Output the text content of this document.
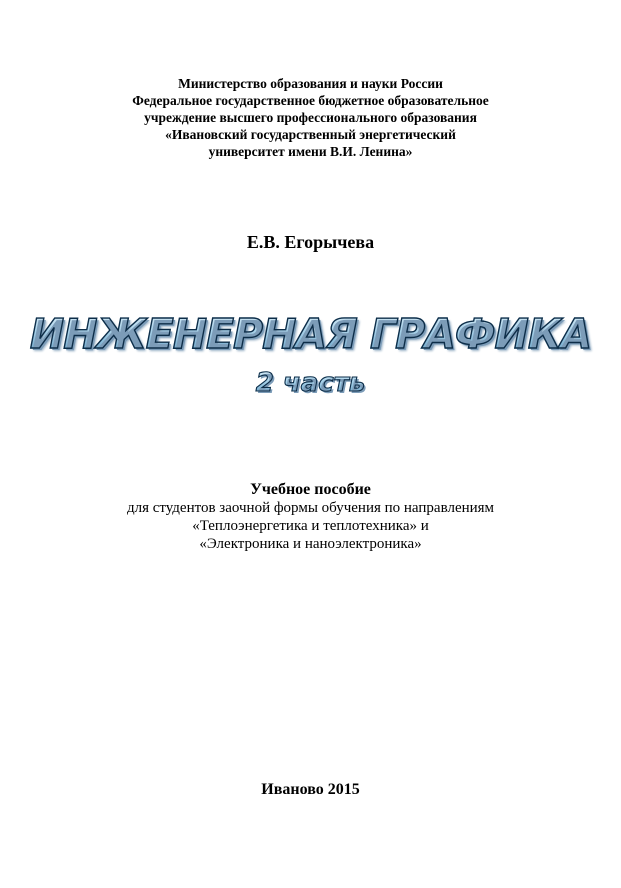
Министерство образования и науки России
Федеральное государственное бюджетное образовательное
учреждение высшего профессионального образования
«Ивановский государственный энергетический
университет имени В.И. Ленина»
Е.В. Егорычева
ИНЖЕНЕРНАЯ ГРАФИКА
2 часть
Учебное пособие
для студентов заочной формы обучения по направлениям
«Теплоэнергетика и теплотехника» и
«Электроника и наноэлектроника»
Иваново 2015
